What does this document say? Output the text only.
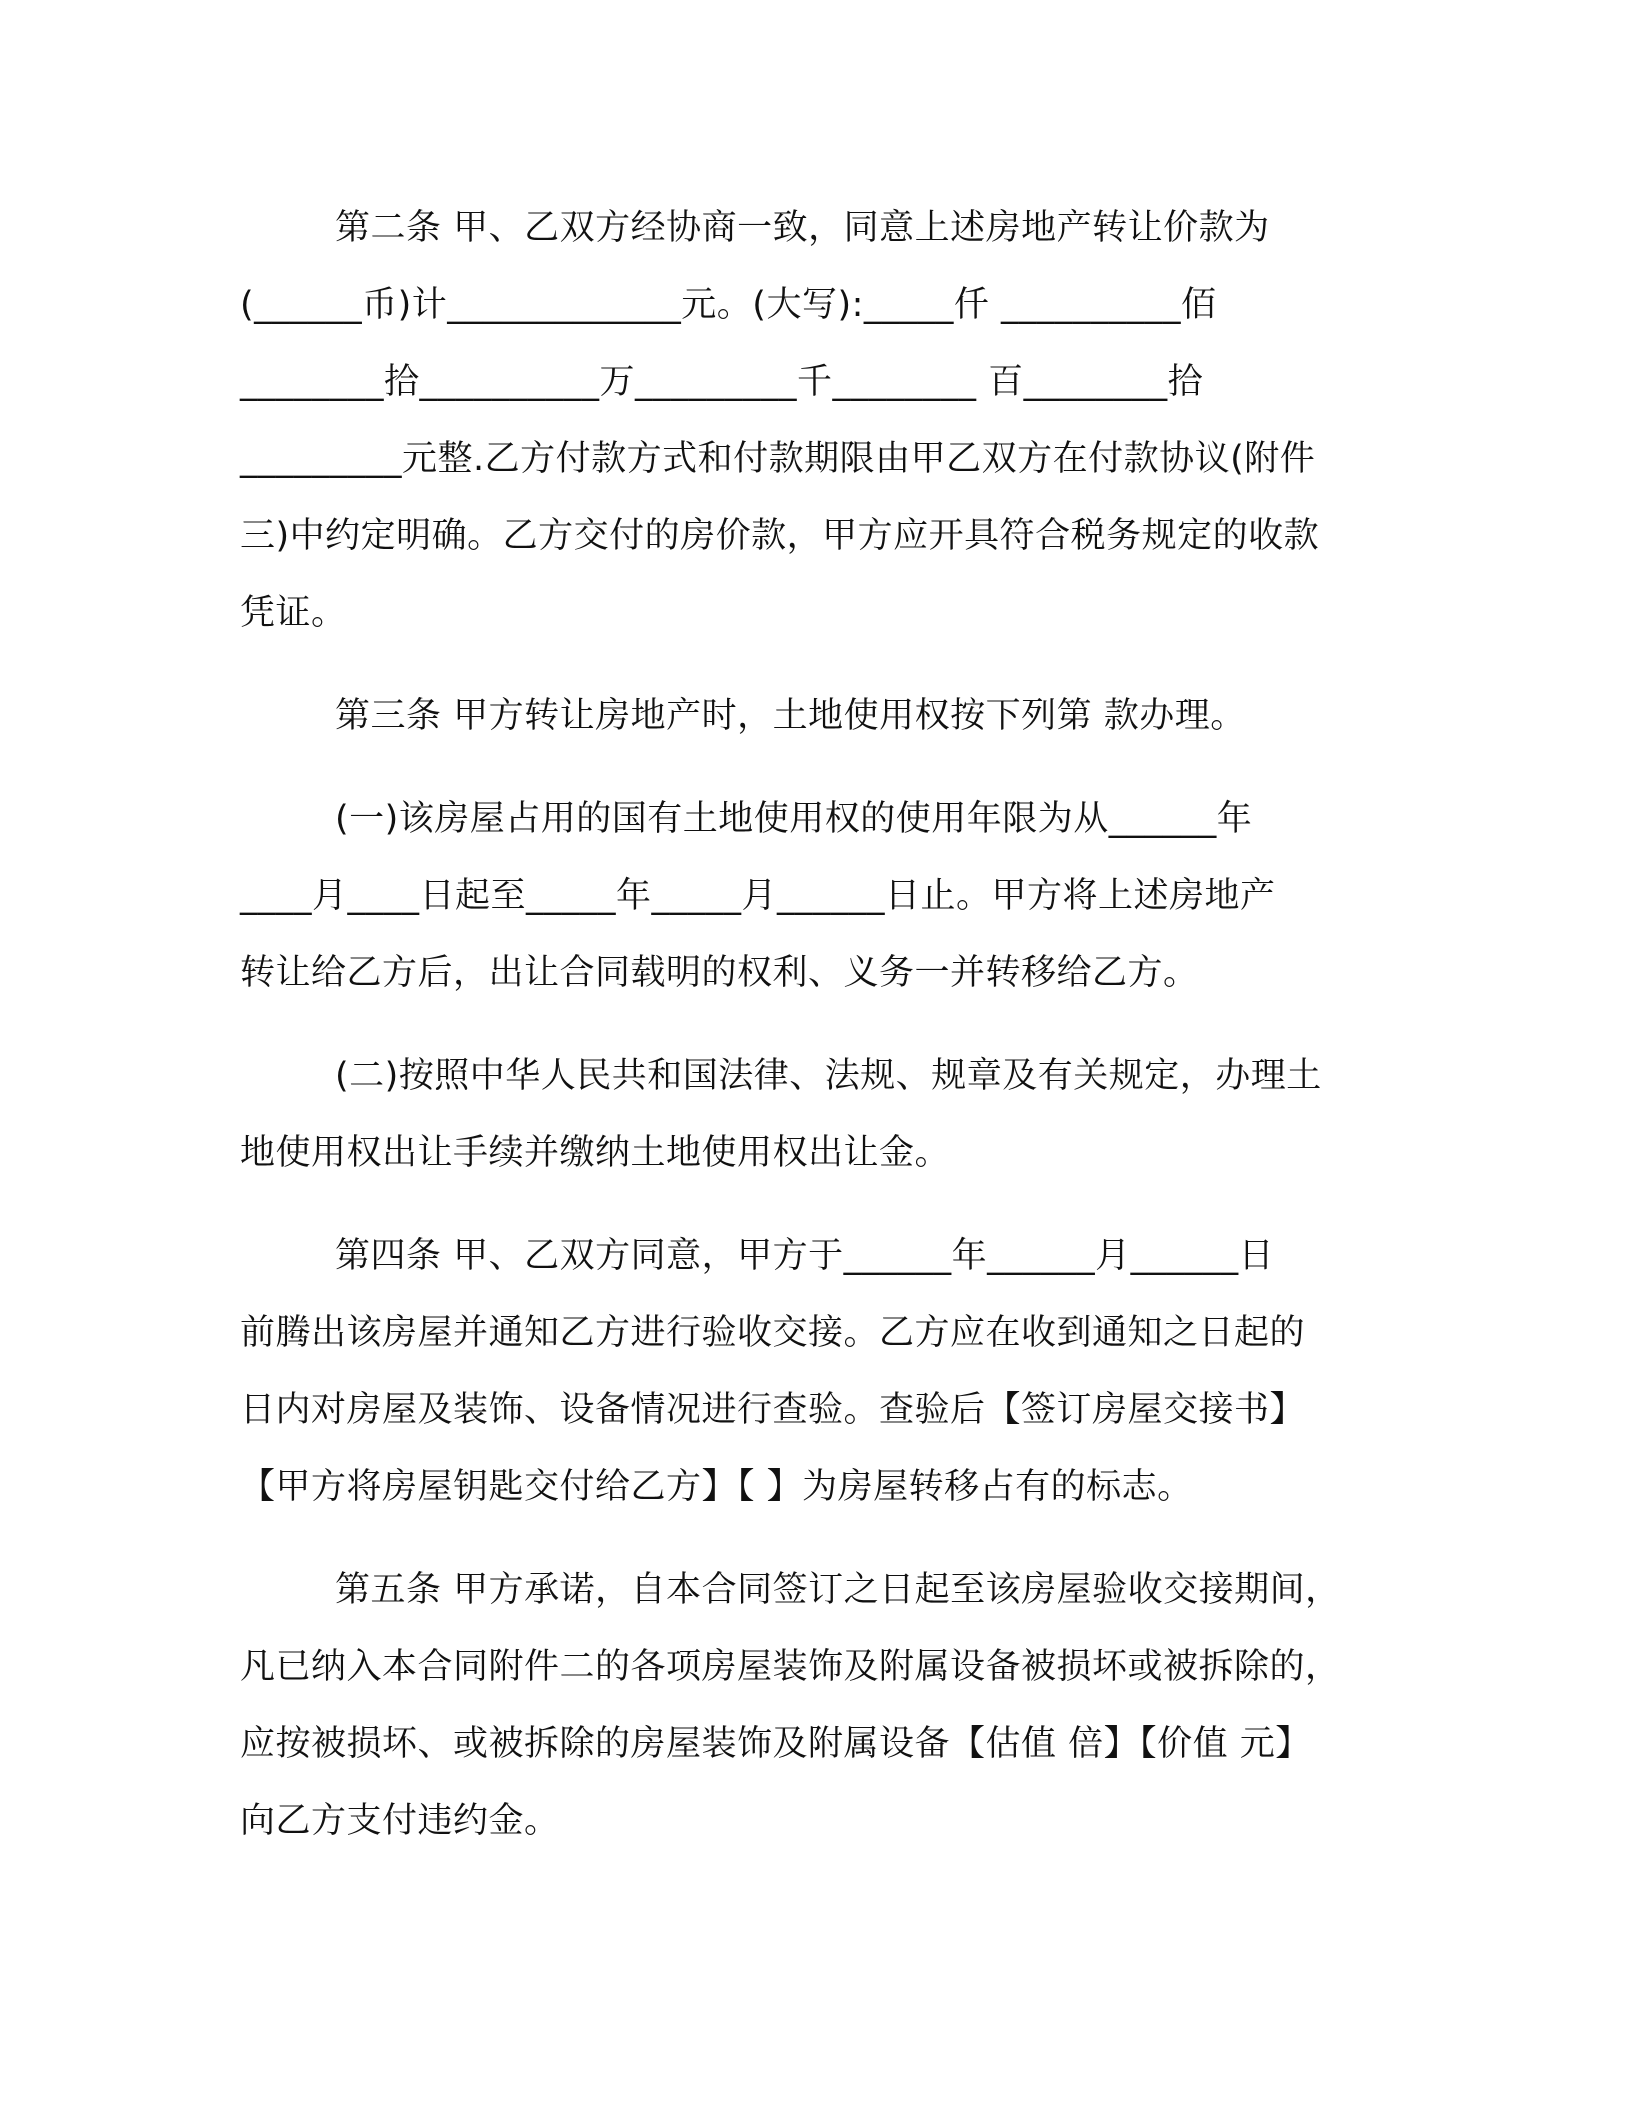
第二条 甲、乙双方经协商一致，同意上述房地产转让价款为
(______币)计_____________元。(大写):_____仟 __________佰
________拾__________万_________千________ 百________拾
_________元整.乙方付款方式和付款期限由甲乙双方在付款协议(附件
三)中约定明确。乙方交付的房价款，甲方应开具符合税务规定的收款
凭证。
第三条 甲方转让房地产时，土地使用权按下列第 款办理。
(一)该房屋占用的国有土地使用权的使用年限为从______年
____月____日起至_____年_____月______日止。甲方将上述房地产
转让给乙方后，出让合同载明的权利、义务一并转移给乙方。
(二)按照中华人民共和国法律、法规、规章及有关规定，办理土
地使用权出让手续并缴纳土地使用权出让金。
第四条 甲、乙双方同意，甲方于______年______月______日
前腾出该房屋并通知乙方进行验收交接。乙方应在收到通知之日起的
日内对房屋及装饰、设备情况进行查验。查验后【签订房屋交接书】
【甲方将房屋钥匙交付给乙方】【 】为房屋转移占有的标志。
第五条 甲方承诺，自本合同签订之日起至该房屋验收交接期间，
凡已纳入本合同附件二的各项房屋装饰及附属设备被损坏或被拆除的，
应按被损坏、或被拆除的房屋装饰及附属设备【估值 倍】【价值 元】
向乙方支付违约金。
